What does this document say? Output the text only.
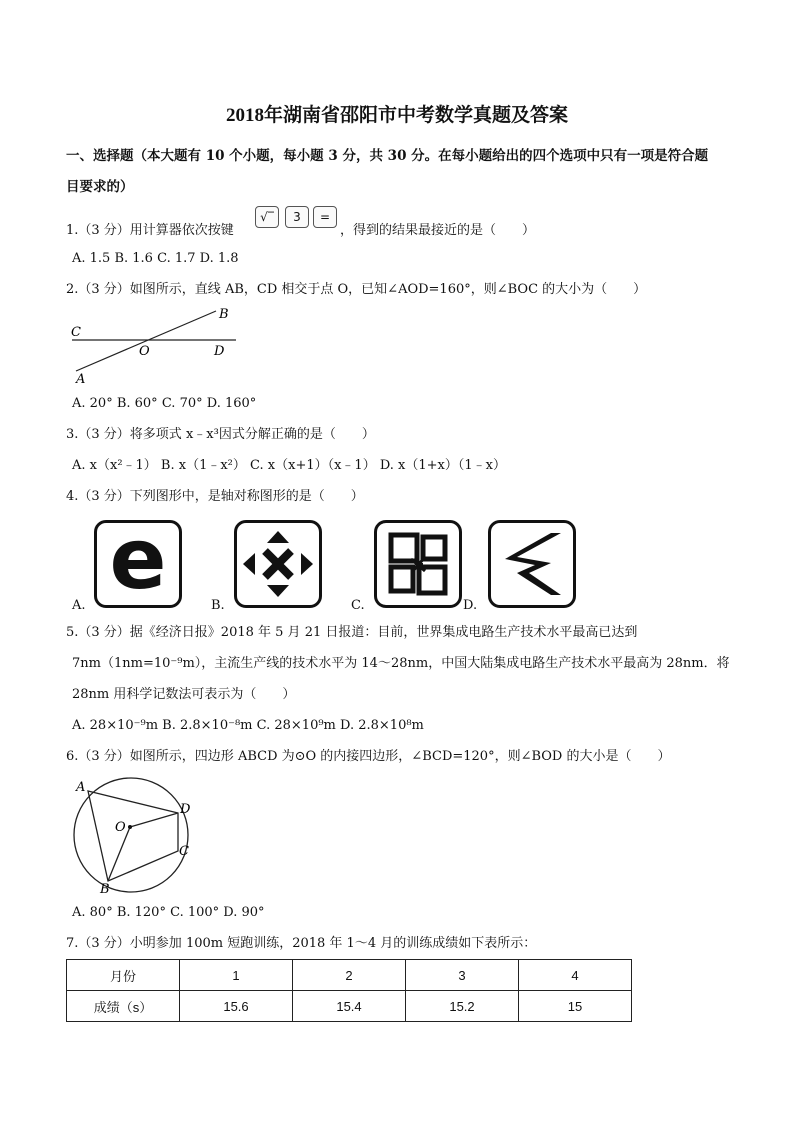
2018年湖南省邵阳市中考数学真题及答案
一、选择题（本大题有 10 个小题，每小题 3 分，共 30 分。在每小题给出的四个选项中只有一项是符合题
目要求的）
1.（3 分）用计算器依次按键
√‾	3	=
，得到的结果最接近的是（　　）
A. 1.5 B. 1.6 C. 1.7 D. 1.8
2.（3 分）如图所示，直线 AB，CD 相交于点 O，已知∠AOD=160°，则∠BOC 的大小为（　　）
C
B
O	D
A
A. 20° B. 60° C. 70° D. 160°
3.（3 分）将多项式 x﹣x³因式分解正确的是（　　）
A. x（x²﹣1） B. x（1﹣x²） C. x（x+1）（x﹣1） D. x（1+x）（1﹣x）
4.（3 分）下列图形中，是轴对称图形的是（　　）
e
A.	B.	C.	D.
5.（3 分）据《经济日报》2018 年 5 月 21 日报道：目前，世界集成电路生产技术水平最高已达到
7nm（1nm=10⁻⁹m），主流生产线的技术水平为 14～28nm，中国大陆集成电路生产技术水平最高为 28nm．将
28nm 用科学记数法可表示为（　　）
A. 28×10⁻⁹m B. 2.8×10⁻⁸m C. 28×10⁹m D. 2.8×10⁸m
6.（3 分）如图所示，四边形 ABCD 为⊙O 的内接四边形，∠BCD=120°，则∠BOD 的大小是（　　）
A
D
O
C
B
A. 80° B. 120° C. 100° D. 90°
7.（3 分）小明参加 100m 短跑训练，2018 年 1～4 月的训练成绩如下表所示：
月份	1	2	3	4
成绩（s）	15.6	15.4	15.2	15
